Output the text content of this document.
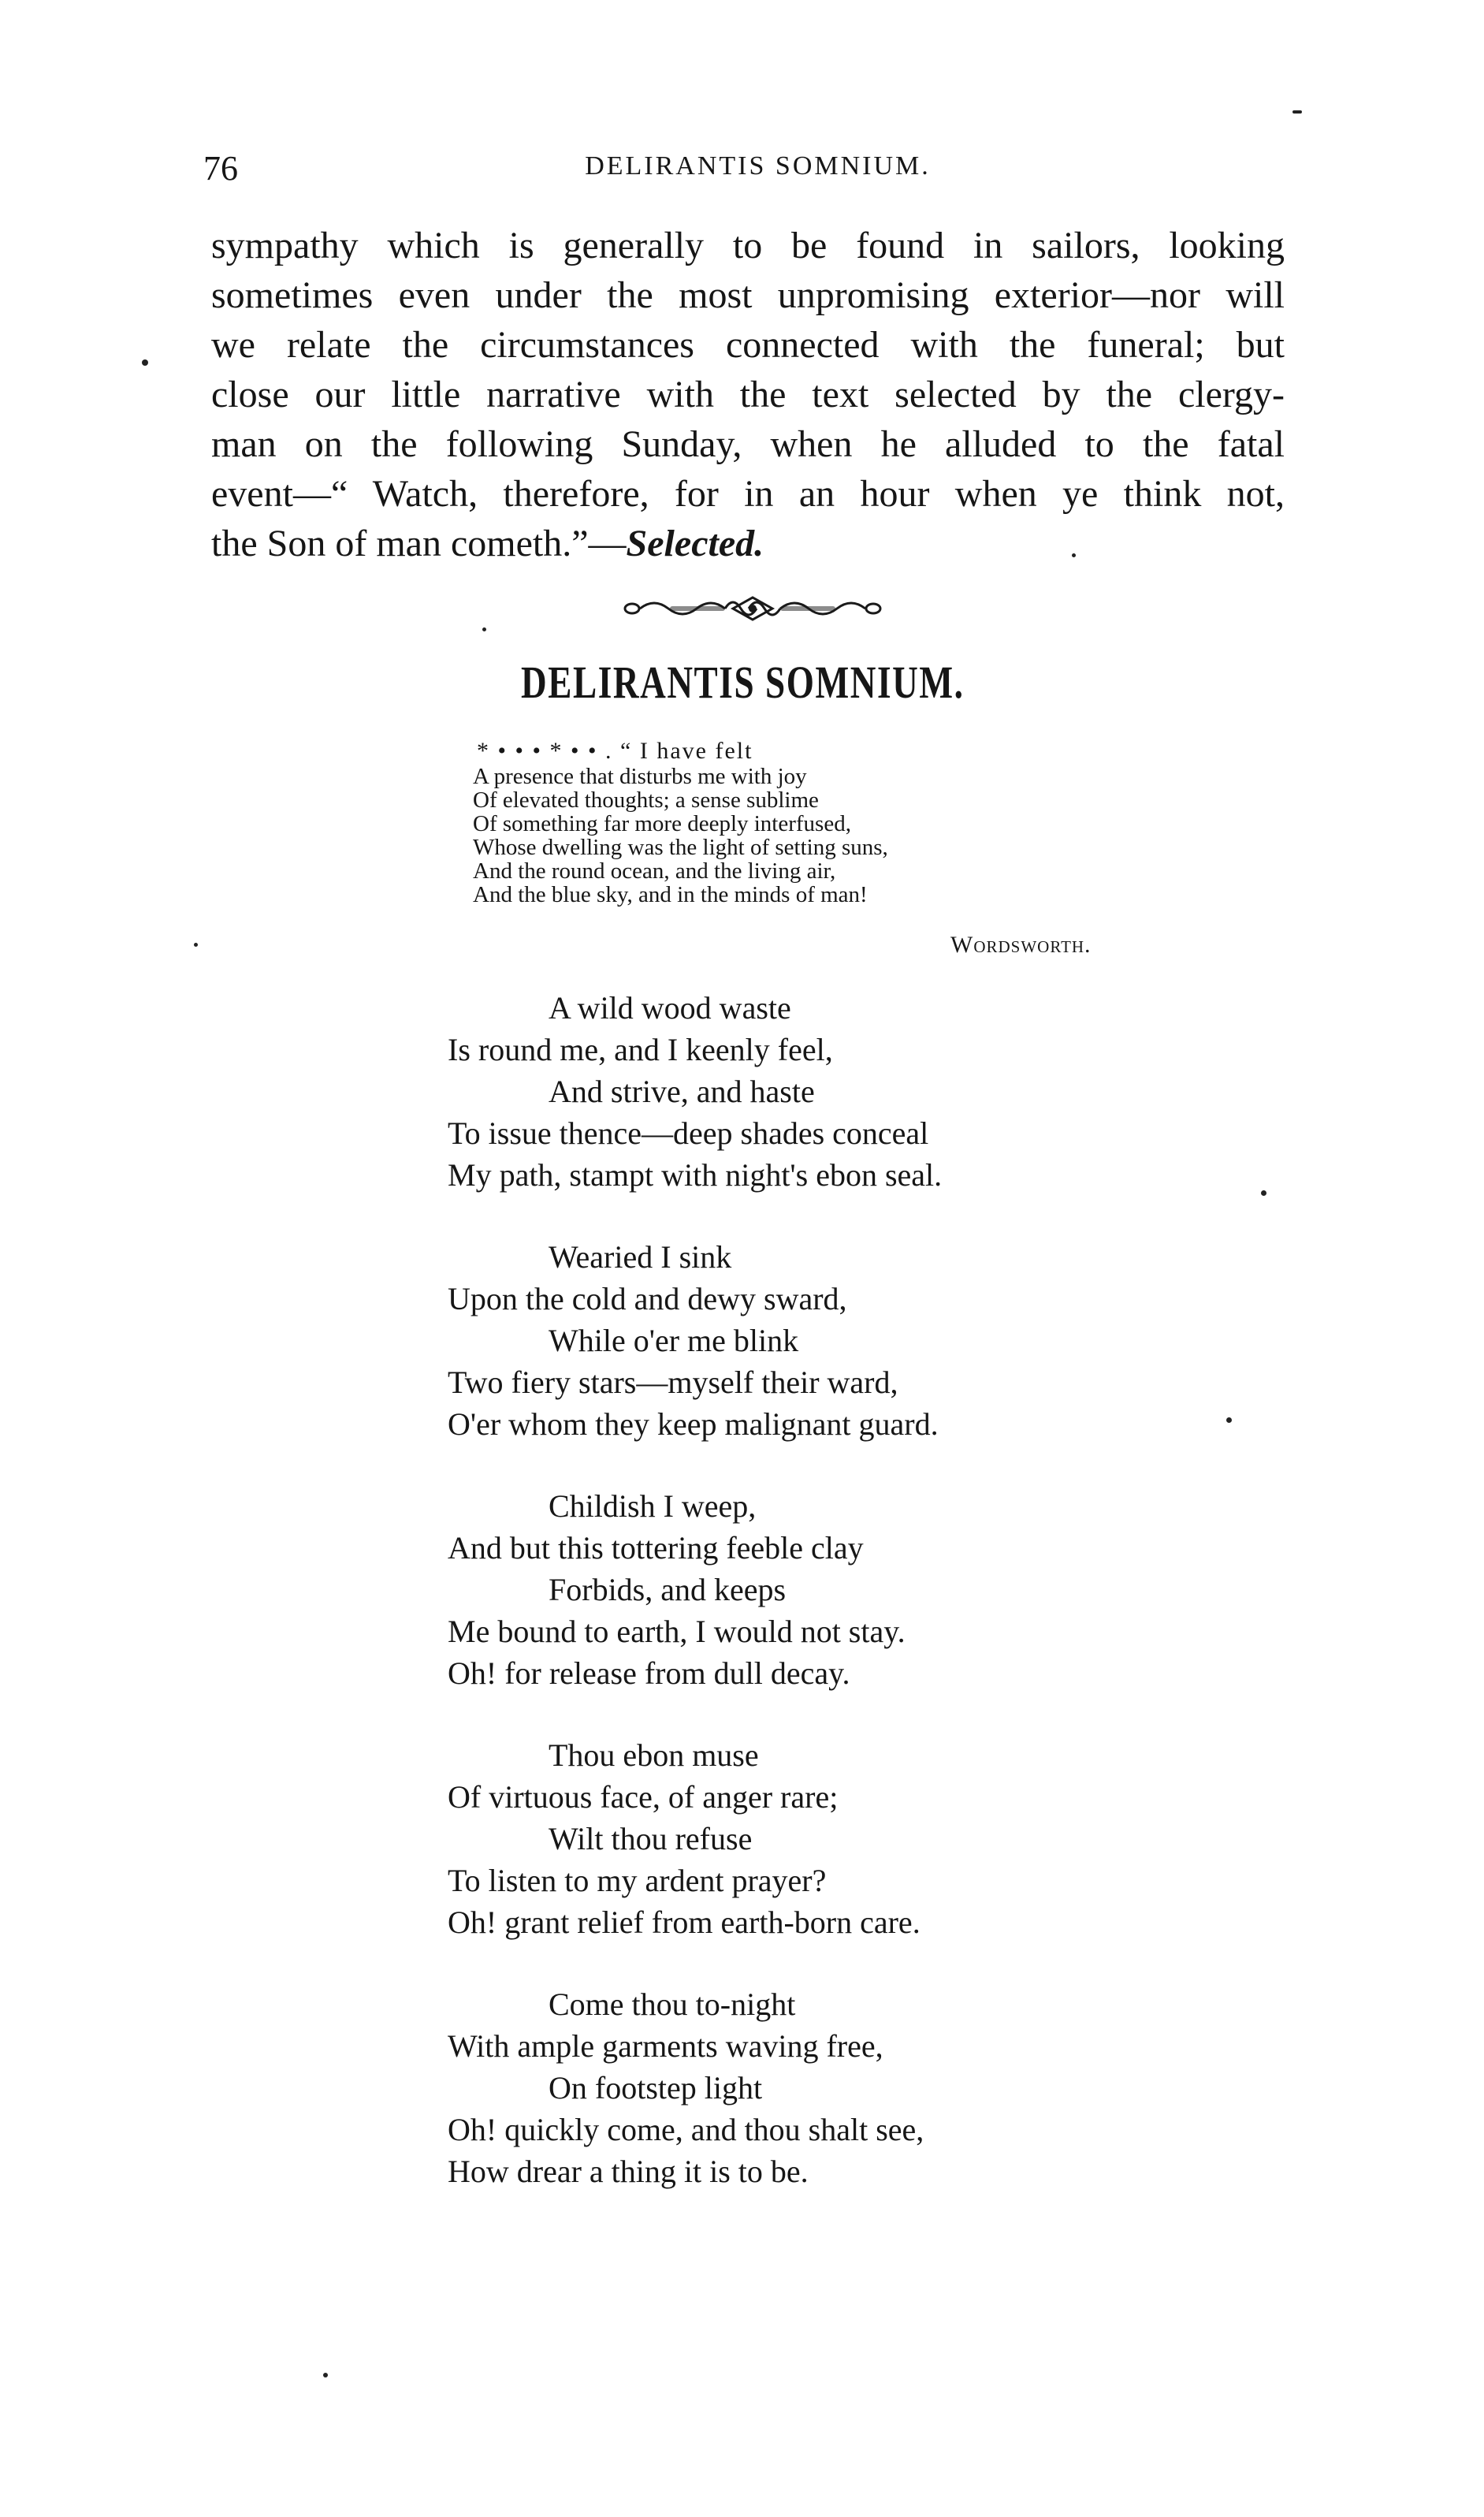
76	DELIRANTIS SOMNIUM.
sympathy which is generally to be found in sailors, looking
sometimes even under the most unpromising exterior—nor will
we relate the circumstances connected with the funeral; but
close our little narrative with the text selected by the clergy-
man on the following Sunday, when he alluded to the fatal
event—“ Watch, therefore, for in an hour when ye think not,
the Son of man cometh.”—Selected.
DELIRANTIS SOMNIUM.
* • • • * • • . “ I have felt
A presence that disturbs me with joy
Of elevated thoughts; a sense sublime
Of something far more deeply interfused,
Whose dwelling was the light of setting suns,
And the round ocean, and the living air,
And the blue sky, and in the minds of man!
Wordsworth.
A wild wood waste
Is round me, and I keenly feel,
And strive, and haste
To issue thence—deep shades conceal
My path, stampt with night's ebon seal.
Wearied I sink
Upon the cold and dewy sward,
While o'er me blink
Two fiery stars—myself their ward,
O'er whom they keep malignant guard.
Childish I weep,
And but this tottering feeble clay
Forbids, and keeps
Me bound to earth, I would not stay.
Oh! for release from dull decay.
Thou ebon muse
Of virtuous face, of anger rare;
Wilt thou refuse
To listen to my ardent prayer?
Oh! grant relief from earth-born care.
Come thou to-night
With ample garments waving free,
On footstep light
Oh! quickly come, and thou shalt see,
How drear a thing it is to be.
